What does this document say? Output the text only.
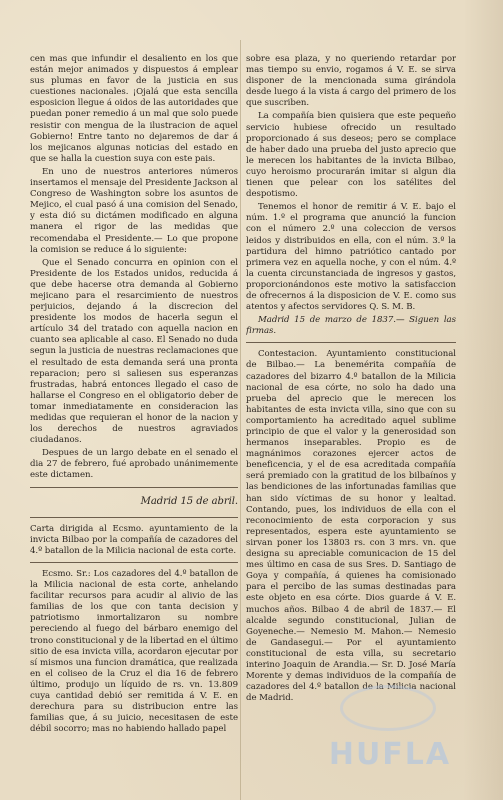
cen mas que infundir el desaliento en los que están mejor animados y dispuestos á emplear sus plumas en favor de la justicia en sus cuestiones nacionales. ¡Ojalá que esta sencilla esposicion llegue á oidos de las autoridades que puedan poner remedio á un mal que solo puede resistir con mengua de la ilustracion de aquel Gobierno! Entre tanto no dejaremos de dar á los mejicanos algunas noticias del estado en que se halla la cuestion suya con este pais.

En uno de nuestros anteriores números insertamos el mensaje del Presidente Jackson al Congreso de Washington sobre los asuntos de Mejico, el cual pasó á una comision del Senado, y esta dió su dictámen modificado en alguna manera el rigor de las medidas que recomendaba el Presidente.— Lo que propone la comision se reduce á lo siguiente:

Que el Senado concurra en opinion con el Presidente de los Estados unidos, reducida á que debe hacerse otra demanda al Gobierno mejicano para el resarcimiento de nuestros perjuicios, dejando á la discrecion del presidente los modos de hacerla segun el artículo 34 del tratado con aquella nacion en cuanto sea aplicable al caso. El Senado no duda segun la justicia de nuestras reclamaciones que el resultado de esta demanda será una pronta reparacion; pero si saliesen sus esperanzas frustradas, habrá entonces llegado el caso de hallarse el Congreso en el obligatorio deber de tomar inmediatamente en consideracion las medidas que requieran el honor de la nacion y los derechos de nuestros agraviados ciudadanos.

Despues de un largo debate en el senado el dia 27 de febrero, fué aprobado unánimemente este dictamen.

Madrid 15 de abril.

Carta dirigida al Ecsmo. ayuntamiento de la invicta Bilbao por la compañía de cazadores del 4.º batallon de la Milicia nacional de esta corte.

Ecsmo. Sr.: Los cazadores del 4.º batallon de la Milicia nacional de esta corte, anhelando facilitar recursos para acudir al alivio de las familias de los que con tanta decision y patriotismo inmortalizaron su nombre pereciendo al fuego del bárbaro enemigo del trono constitucional y de la libertad en el último sitio de esa invicta villa, acordaron ejecutar por sí mismos una funcion dramática, que realizada en el coliseo de la Cruz el dia 16 de febrero último, produjo un líquido de rs. vn. 13.809 cuya cantidad debió ser remitida á V. E. en derechura para su distribucion entre las familias que, á su juicio, necesitasen de este débil socorro; mas no habiendo hallado papel

sobre esa plaza, y no queriendo retardar por mas tiempo su envio, rogamos á V. E. se sirva disponer de la mencionada suma girándola desde luego á la vista á cargo del primero de los que suscriben.

La compañía bien quisiera que este pequeño servicio hubiese ofrecido un resultado proporcionado á sus deseos; pero se complace de haber dado una prueba del justo aprecio que le merecen los habitantes de la invicta Bilbao, cuyo heroismo procurarán imitar si algun dia tienen que pelear con los satélites del despotismo.

Tenemos el honor de remitir á V. E. bajo el núm. 1.º el programa que anunció la funcion con el número 2.º una coleccion de versos leidos y distribuidos en ella, con el núm. 3.º la partidura del himno patriótico cantado por primera vez en aquella noche, y con el núm. 4.º la cuenta circunstanciada de ingresos y gastos, proporcionándonos este motivo la satisfaccion de ofrecernos á la disposicion de V. E. como sus atentos y afectos servidores Q. S. M. B.

Madrid 15 de marzo de 1837.— Siguen las firmas.

Contestacion. Ayuntamiento constitucional de Bilbao.— La benemérita compañía de cazadores del bizarro 4.º batallon de la Milicia nacional de esa córte, no solo ha dado una prueba del aprecio que le merecen los habitantes de esta invicta villa, sino que con su comportamiento ha acreditado aquel sublime principio de que el valor y la generosidad son hermanos inseparables. Propio es de magnánimos corazones ejercer actos de beneficencia, y el de esa acreditada compañía será premiado con la gratitud de los bilbaínos y las bendiciones de las infortunadas familias que han sido víctimas de su honor y lealtad. Contando, pues, los individuos de ella con el reconocimiento de esta corporacion y sus representados, espera este ayuntamiento se sirvan poner los 13803 rs. con 3 mrs. vn. que designa su apreciable comunicacion de 15 del mes último en casa de sus Sres. D. Santiago de Goya y compañía, á quienes ha comisionado para el percibo de las sumas destinadas para este objeto en esa córte. Dios guarde á V. E. muchos años. Bilbao 4 de abril de 1837.— El alcalde segundo constitucional, Julian de Goyeneche.— Nemesio M. Mahon.— Nemesio de Gandasegui.— Por el ayuntamiento constitucional de esta villa, su secretario interino Joaquin de Arandia.— Sr. D. José María Morente y demas individuos de la compañía de cazadores del 4.º batallon de la Milicia nacional de Madrid.

HUFLA
